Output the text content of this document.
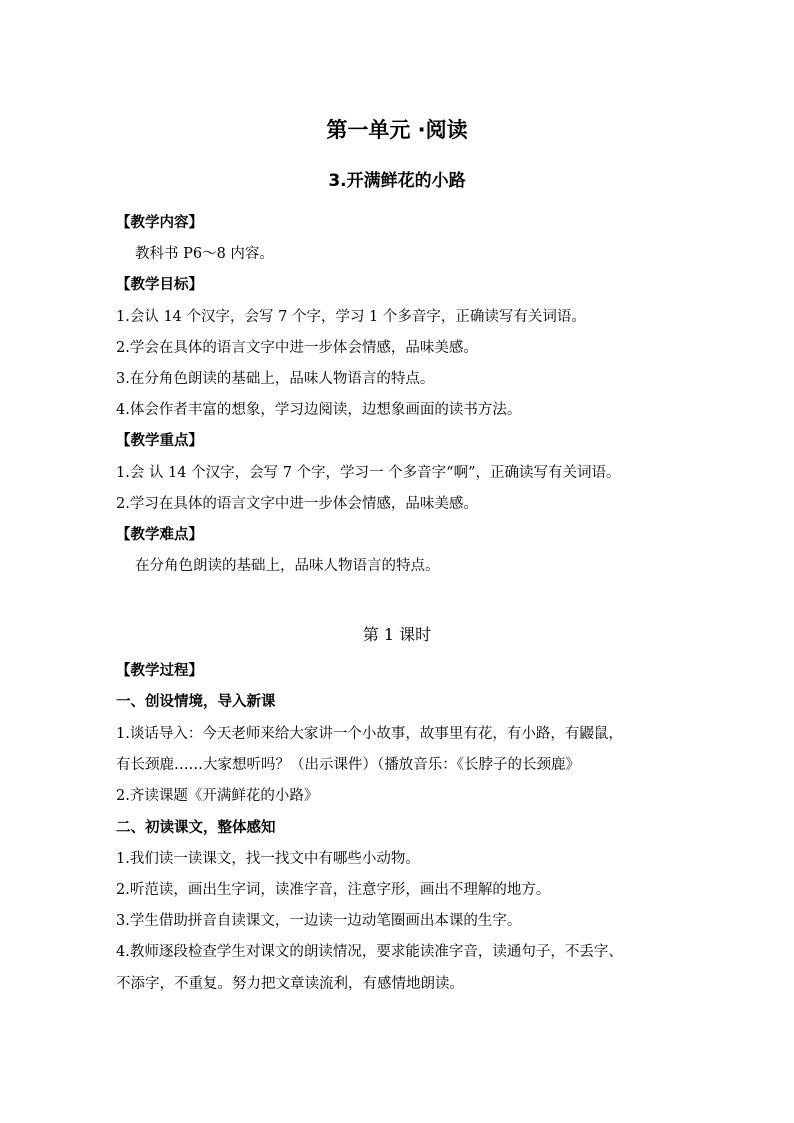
第一单元 ·阅读
3.开满鲜花的小路
【教学内容】
教科书 P6～8 内容。
【教学目标】
1.会认 14 个汉字，会写 7 个字，学习 1 个多音字，正确读写有关词语。
2.学会在具体的语言文字中进一步体会情感，品味美感。
3.在分角色朗读的基础上，品味人物语言的特点。
4.体会作者丰富的想象，学习边阅读，边想象画面的读书方法。
【教学重点】
1.会 认 14 个汉字，会写 7 个字，学习一 个多音字“啊”，正确读写有关词语。
2.学习在具体的语言文字中进一步体会情感，品味美感。
【教学难点】
在分角色朗读的基础上，品味人物语言的特点。
第 1 课时
【教学过程】
一、创设情境，导入新课
1.谈话导入：今天老师来给大家讲一个小故事，故事里有花，有小路，有鼹鼠，
有长颈鹿……大家想听吗？（出示课件）（播放音乐：《长脖子的长颈鹿》
2.齐读课题《开满鲜花的小路》
二、初读课文，整体感知
1.我们读一读课文，找一找文中有哪些小动物。
2.听范读，画出生字词，读准字音，注意字形，画出不理解的地方。
3.学生借助拼音自读课文，一边读一边动笔圈画出本课的生字。
4.教师逐段检查学生对课文的朗读情况，要求能读准字音，读通句子，不丢字、
不添字，不重复。努力把文章读流利，有感情地朗读。
